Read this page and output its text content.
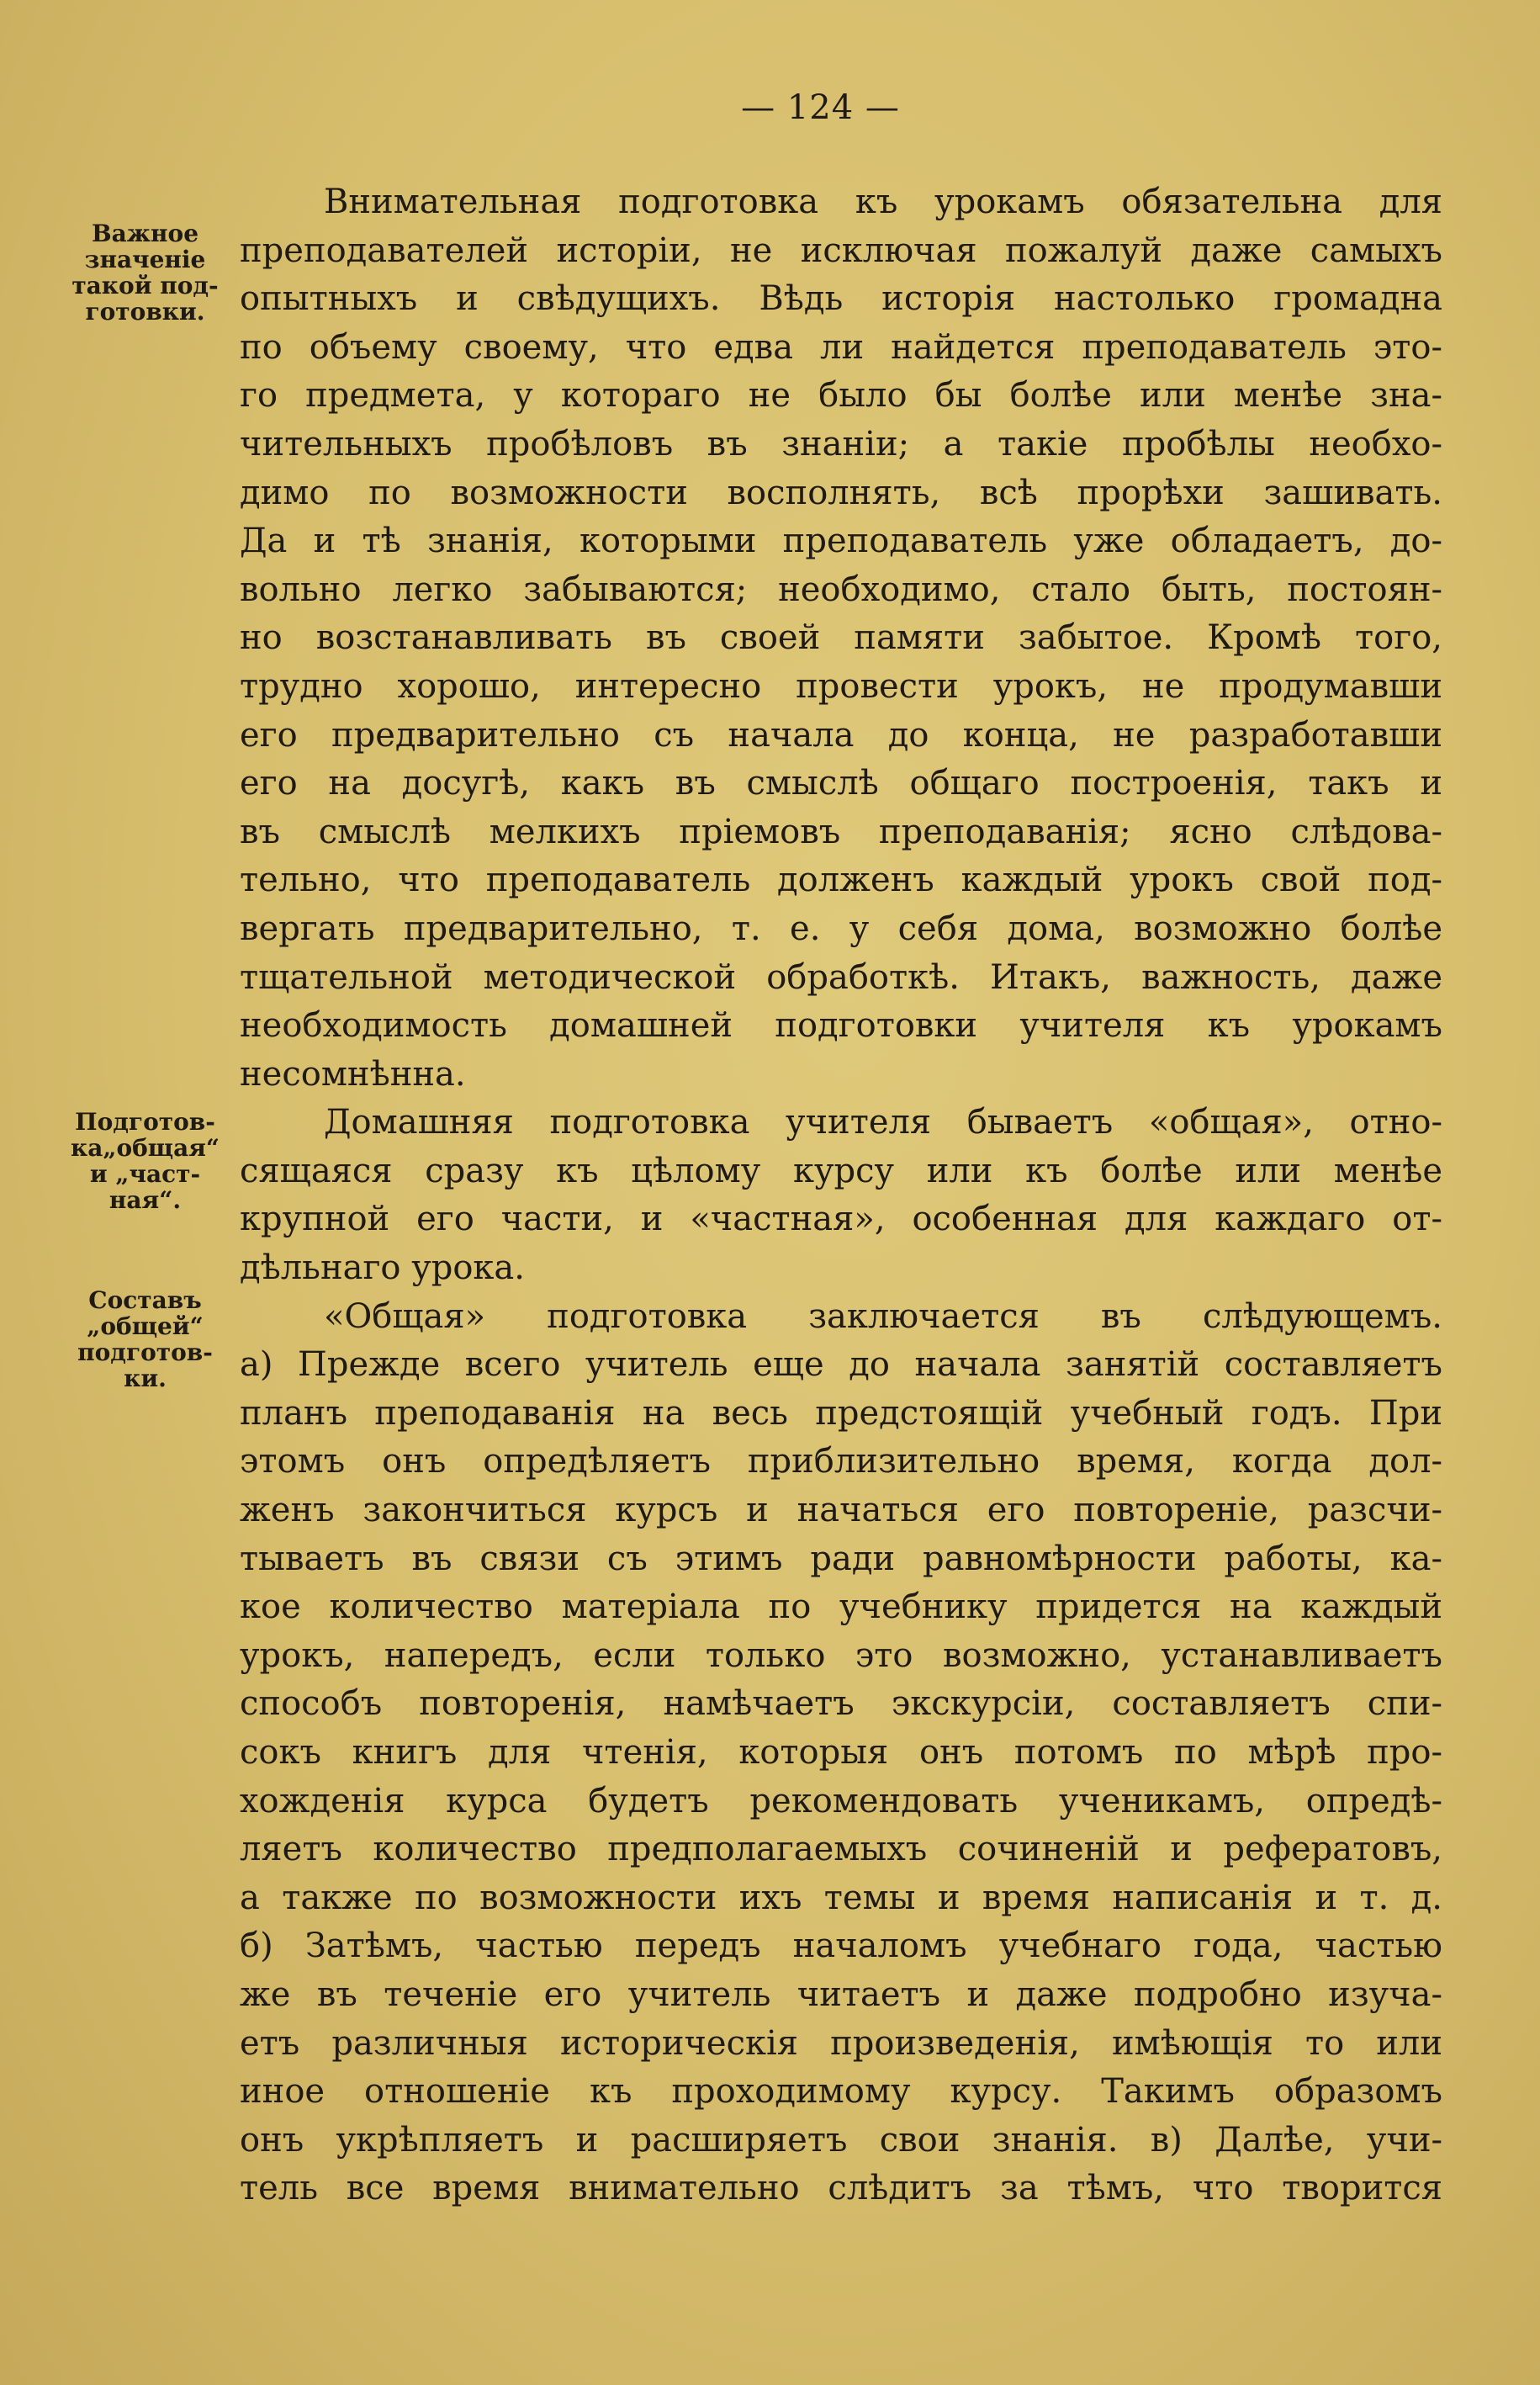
— 124 —
Важное
значеніе
такой под-
готовки.
Подготов-
ка„общая“
и „част-
ная“.
Составъ
„общей“
подготов-
ки.
Внимательная подготовка къ урокамъ обязательна для
преподавателей исторіи, не исключая пожалуй даже самыхъ
опытныхъ и свѣдущихъ. Вѣдь исторія настолько громадна
по объему своему, что едва ли найдется преподаватель это-
го предмета, у котораго не было бы болѣе или менѣе зна-
чительныхъ пробѣловъ въ знаніи; а такіе пробѣлы необхо-
димо по возможности восполнять, всѣ прорѣхи зашивать.
Да и тѣ знанія, которыми преподаватель уже обладаетъ, до-
вольно легко забываются; необходимо, стало быть, постоян-
но возстанавливать въ своей памяти забытое. Кромѣ того,
трудно хорошо, интересно провести урокъ, не продумавши
его предварительно съ начала до конца, не разработавши
его на досугѣ, какъ въ смыслѣ общаго построенія, такъ и
въ смыслѣ мелкихъ пріемовъ преподаванія; ясно слѣдова-
тельно, что преподаватель долженъ каждый урокъ свой под-
вергать предварительно, т. е. у себя дома, возможно болѣе
тщательной методической обработкѣ. Итакъ, важность, даже
необходимость домашней подготовки учителя къ урокамъ
несомнѣнна.
Домашняя подготовка учителя бываетъ «общая», отно-
сящаяся сразу къ цѣлому курсу или къ болѣе или менѣе
крупной его части, и «частная», особенная для каждаго от-
дѣльнаго урока.
«Общая» подготовка заключается въ слѣдующемъ.
а) Прежде всего учитель еще до начала занятій составляетъ
планъ преподаванія на весь предстоящій учебный годъ. При
этомъ онъ опредѣляетъ приблизительно время, когда дол-
женъ закончиться курсъ и начаться его повтореніе, разсчи-
тываетъ въ связи съ этимъ ради равномѣрности работы, ка-
кое количество матеріала по учебнику придется на каждый
урокъ, напередъ, если только это возможно, устанавливаетъ
способъ повторенія, намѣчаетъ экскурсіи, составляетъ спи-
сокъ книгъ для чтенія, которыя онъ потомъ по мѣрѣ про-
хожденія курса будетъ рекомендовать ученикамъ, опредѣ-
ляетъ количество предполагаемыхъ сочиненій и рефератовъ,
а также по возможности ихъ темы и время написанія и т. д.
б) Затѣмъ, частью передъ началомъ учебнаго года, частью
же въ теченіе его учитель читаетъ и даже подробно изуча-
етъ различныя историческія произведенія, имѣющія то или
иное отношеніе къ проходимому курсу. Такимъ образомъ
онъ укрѣпляетъ и расширяетъ свои знанія. в) Далѣе, учи-
тель все время внимательно слѣдитъ за тѣмъ, что творится
